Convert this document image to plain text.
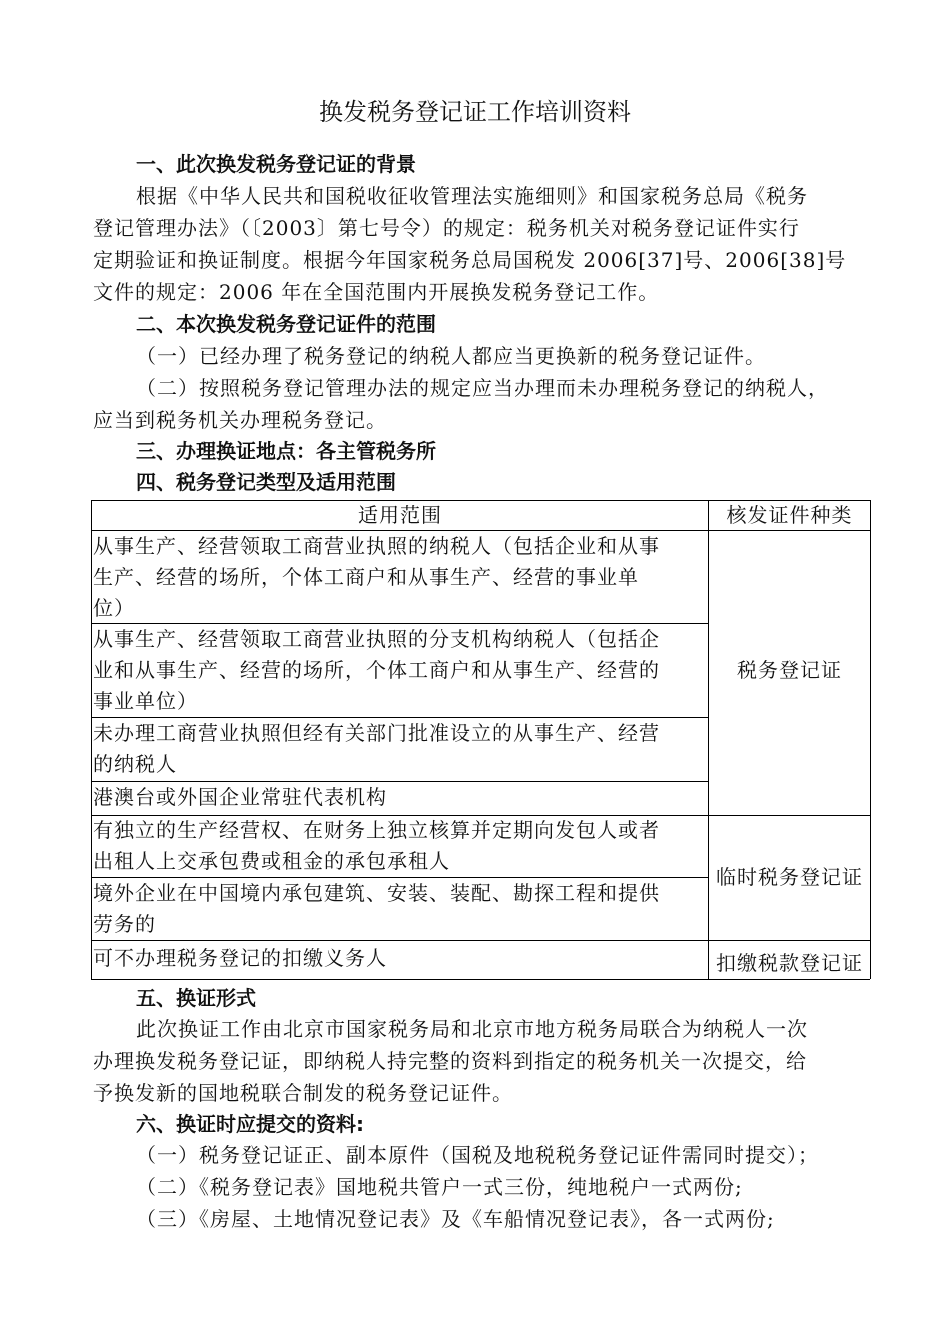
换发税务登记证工作培训资料
一、此次换发税务登记证的背景
根据《中华人民共和国税收征收管理法实施细则》和国家税务总局《税务
登记管理办法》（〔2003〕第七号令）的规定：税务机关对税务登记证件实行
定期验证和换证制度。根据今年国家税务总局国税发 2006[37]号、2006[38]号
文件的规定：2006 年在全国范围内开展换发税务登记工作。
二、本次换发税务登记证件的范围
（一）已经办理了税务登记的纳税人都应当更换新的税务登记证件。
（二）按照税务登记管理办法的规定应当办理而未办理税务登记的纳税人，
应当到税务机关办理税务登记。
三、办理换证地点：各主管税务所
四、税务登记类型及适用范围
适用范围	核发证件种类
从事生产、经营领取工商营业执照的纳税人（包括企业和从事
生产、经营的场所，个体工商户和从事生产、经营的事业单
位）
从事生产、经营领取工商营业执照的分支机构纳税人（包括企
业和从事生产、经营的场所，个体工商户和从事生产、经营的
事业单位）
未办理工商营业执照但经有关部门批准设立的从事生产、经营
的纳税人
港澳台或外国企业常驻代表机构
有独立的生产经营权、在财务上独立核算并定期向发包人或者
出租人上交承包费或租金的承包承租人
境外企业在中国境内承包建筑、安装、装配、勘探工程和提供
劳务的
可不办理税务登记的扣缴义务人
税务登记证
临时税务登记证
扣缴税款登记证
五、换证形式
此次换证工作由北京市国家税务局和北京市地方税务局联合为纳税人一次
办理换发税务登记证，即纳税人持完整的资料到指定的税务机关一次提交，给
予换发新的国地税联合制发的税务登记证件。
六、换证时应提交的资料:
（一）税务登记证正、副本原件（国税及地税税务登记证件需同时提交）；
（二）《税务登记表》国地税共管户一式三份，纯地税户一式两份;
（三）《房屋、土地情况登记表》及《车船情况登记表》，各一式两份;
